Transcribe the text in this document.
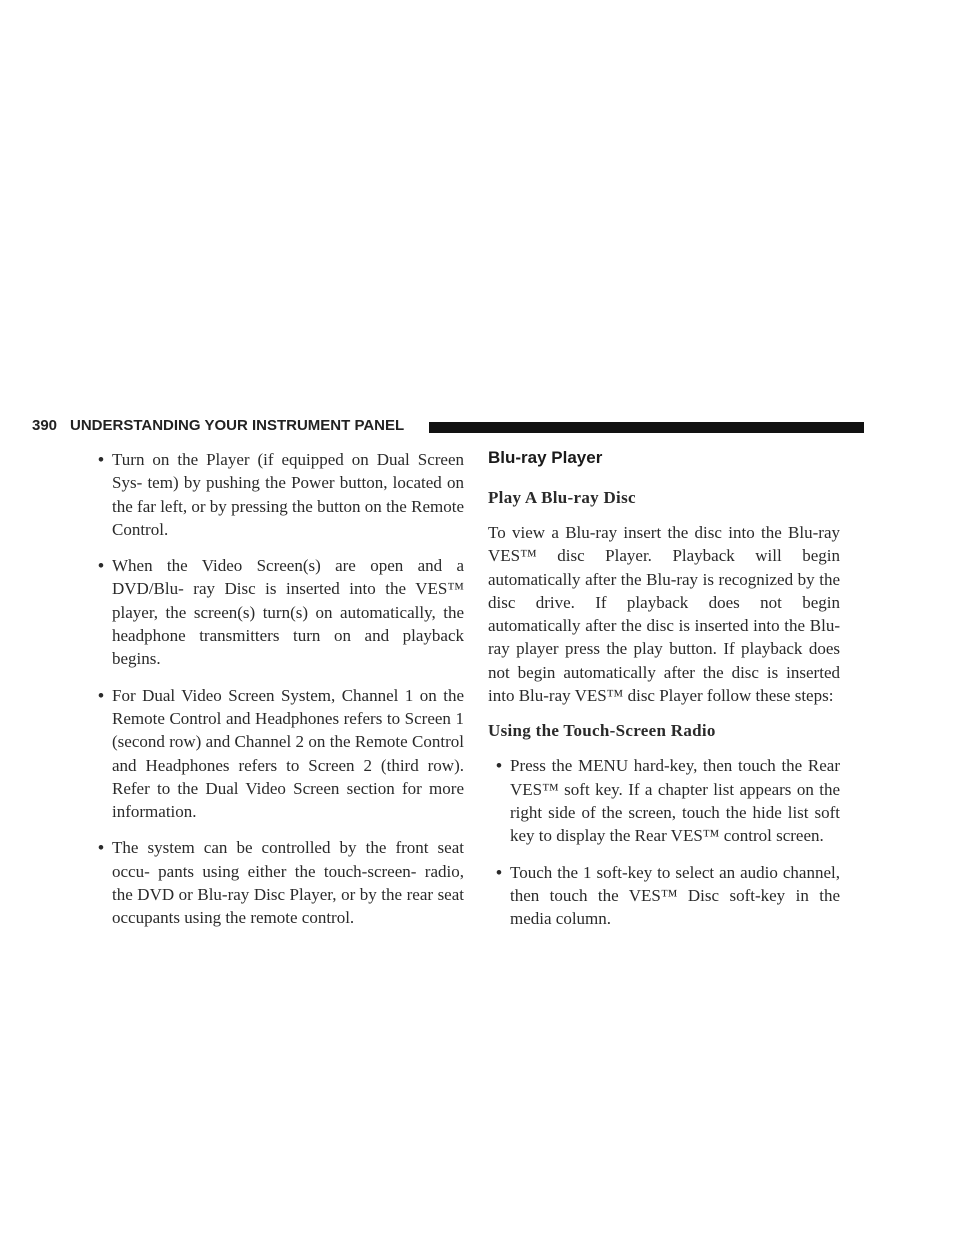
390 UNDERSTANDING YOUR INSTRUMENT PANEL
• Turn on the Player (if equipped on Dual Screen Sys- tem) by pushing the Power button, located on the far left, or by pressing the button on the Remote Control.
• When the Video Screen(s) are open and a DVD/Blu- ray Disc is inserted into the VES™ player, the screen(s) turn(s) on automatically, the headphone transmitters turn on and playback begins.
• For Dual Video Screen System, Channel 1 on the Remote Control and Headphones refers to Screen 1 (second row) and Channel 2 on the Remote Control and Headphones refers to Screen 2 (third row). Refer to the Dual Video Screen section for more information.
• The system can be controlled by the front seat occu- pants using either the touch-screen- radio, the DVD or Blu-ray Disc Player, or by the rear seat occupants using the remote control.
Blu-ray Player
Play A Blu-ray Disc
To view a Blu-ray insert the disc into the Blu-ray VES™ disc Player. Playback will begin automatically after the Blu-ray is recognized by the disc drive. If playback does not begin automatically after the disc is inserted into the Blu-ray player press the play button. If playback does not begin automatically after the disc is inserted into Blu-ray VES™ disc Player follow these steps:
Using the Touch-Screen Radio
• Press the MENU hard-key, then touch the Rear VES™ soft key. If a chapter list appears on the right side of the screen, touch the hide list soft key to display the Rear VES™ control screen.
• Touch the 1 soft-key to select an audio channel, then touch the VES™ Disc soft-key in the media column.
